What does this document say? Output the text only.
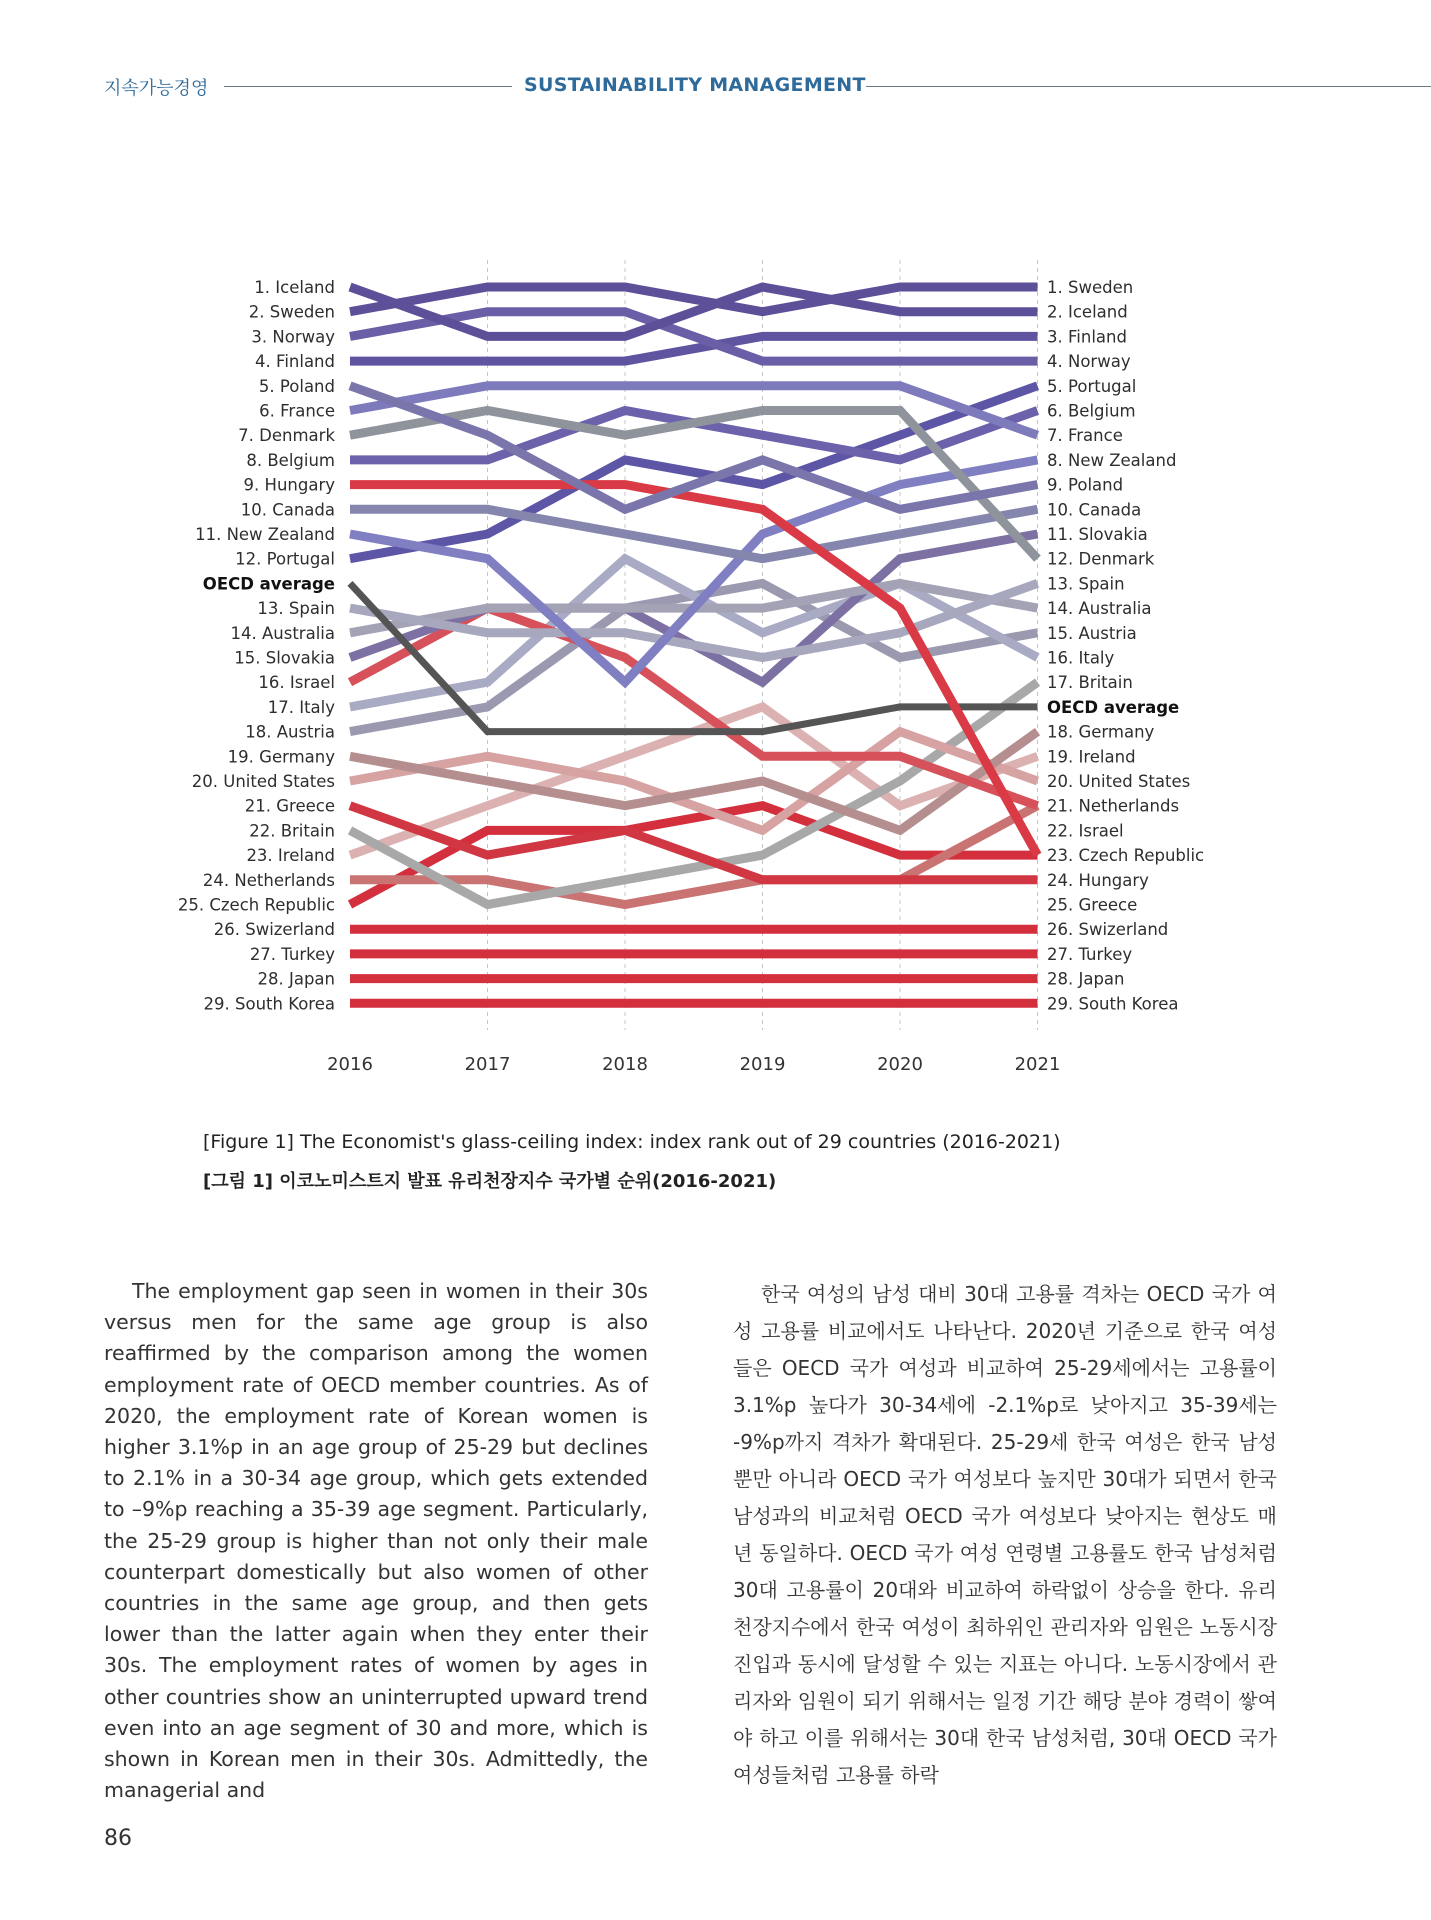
지속가능경영	SUSTAINABILITY MANAGEMENT
1. Iceland
2. Sweden
3. Norway
4. Finland
5. Poland
6. France
7. Denmark
8. Belgium
9. Hungary
10. Canada
11. New Zealand
12. Portugal
OECD average
13. Spain
14. Australia
15. Slovakia
16. Israel
17. Italy
18. Austria
19. Germany
20. United States
21. Greece
22. Britain
23. Ireland
24. Netherlands
25. Czech Republic
26. Swizerland
27. Turkey
28. Japan
29. South Korea
1. Sweden
2. Iceland
3. Finland
4. Norway
5. Portugal
6. Belgium
7. France
8. New Zealand
9. Poland
10. Canada
11. Slovakia
12. Denmark
13. Spain
14. Australia
15. Austria
16. Italy
17. Britain
OECD average
18. Germany
19. Ireland
20. United States
21. Netherlands
22. Israel
23. Czech Republic
24. Hungary
25. Greece
26. Swizerland
27. Turkey
28. Japan
29. South Korea
2016	2017	2018	2019	2020	2021
[Figure 1] The Economist's glass-ceiling index: index rank out of 29 countries (2016-2021)
[그림 1] 이코노미스트지 발표 유리천장지수 국가별 순위(2016-2021)

The employment gap seen in women in their 30s versus men for the same age group is also reaffirmed by the comparison among the women employment rate of OECD member countries. As of 2020, the employment rate of Korean women is higher 3.1%p in an age group of 25-29 but declines to 2.1% in a 30-34 age group, which gets extended to –9%p reaching a 35-39 age segment. Particularly, the 25-29 group is higher than not only their male counterpart domestically but also women of other countries in the same age group, and then gets lower than the latter again when they enter their 30s. The employment rates of women by ages in other countries show an uninterrupted upward trend even into an age segment of 30 and more, which is shown in Korean men in their 30s. Admittedly, the managerial and

한국 여성의 남성 대비 30대 고용률 격차는 OECD 국가 여성 고용률 비교에서도 나타난다. 2020년 기준으로 한국 여성들은 OECD 국가 여성과 비교하여 25-29세에서는 고용률이 3.1%p 높다가 30-34세에 -2.1%p로 낮아지고 35-39세는 -9%p까지 격차가 확대된다. 25-29세 한국 여성은 한국 남성 뿐만 아니라 OECD 국가 여성보다 높지만 30대가 되면서 한국 남성과의 비교처럼 OECD 국가 여성보다 낮아지는 현상도 매년 동일하다. OECD 국가 여성 연령별 고용률도 한국 남성처럼 30대 고용률이 20대와 비교하여 하락없이 상승을 한다. 유리천장지수에서 한국 여성이 최하위인 관리자와 임원은 노동시장 진입과 동시에 달성할 수 있는 지표는 아니다. 노동시장에서 관리자와 임원이 되기 위해서는 일정 기간 해당 분야 경력이 쌓여야 하고 이를 위해서는 30대 한국 남성처럼, 30대 OECD 국가 여성들처럼 고용률 하락

86
